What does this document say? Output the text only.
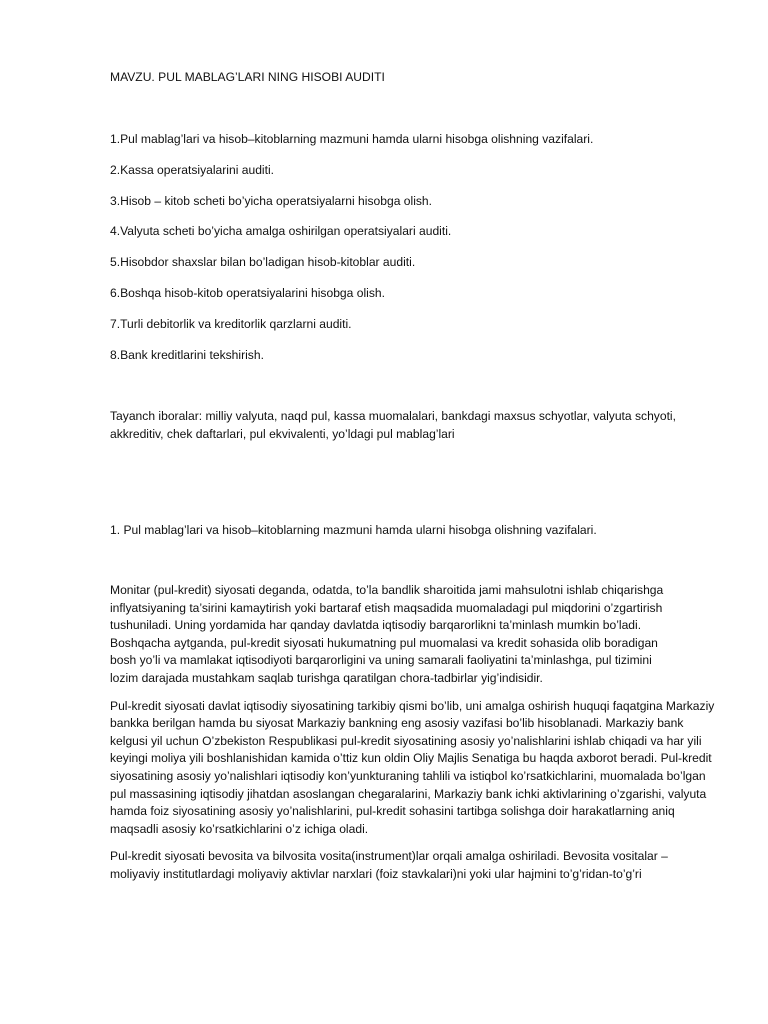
MAVZU. PUL MABLAG’LARI NING HISOBI AUDITI
1.Pul mablag’lari va hisob–kitoblarning mazmuni hamda ularni hisobga olishning vazifalari.
2.Kassa operatsiyalarini auditi.
3.Hisob – kitob scheti bo’yicha operatsiyalarni hisobga olish.
4.Valyuta scheti bo’yicha amalga oshirilgan operatsiyalari auditi.
5.Hisobdor shaxslar bilan bo’ladigan hisob-kitoblar auditi.
6.Boshqa hisob-kitob operatsiyalarini hisobga olish.
7.Turli debitorlik va kreditorlik qarzlarni auditi.
8.Bank kreditlarini tekshirish.
Tayanch iboralar: milliy valyuta, naqd pul, kassa muomalalari, bankdagi maxsus schyotlar, valyuta schyoti, akkreditiv, chek daftarlari, pul ekvivalenti, yo’ldagi pul mablag’lari
1. Pul mablag’lari va hisob–kitoblarning mazmuni hamda ularni hisobga olishning vazifalari.

Monitar (pul-kredit) siyosati deganda, odatda, to’la bandlik sharoitida jami mahsulotni ishlab chiqarishga inflyatsiyaning ta’sirini kamaytirish yoki bartaraf etish maqsadida muomaladagi pul miqdorini o’zgartirish tushuniladi. Uning yordamida har qanday davlatda iqtisodiy barqarorlikni ta’minlash mumkin bo’ladi. Boshqacha aytganda, pul-kredit siyosati hukumatning pul muomalasi va kredit sohasida olib boradigan bosh yo’li va mamlakat iqtisodiyoti barqarorligini va uning samarali faoliyatini ta’minlashga, pul tizimini lozim darajada mustahkam saqlab turishga qaratilgan chora-tadbirlar yig’indisidir.

Pul-kredit siyosati davlat iqtisodiy siyosatining tarkibiy qismi bo’lib, uni amalga oshirish huquqi faqatgina Markaziy bankka berilgan hamda bu siyosat Markaziy bankning eng asosiy vazifasi bo’lib hisoblanadi. Markaziy bank kelgusi yil uchun O’zbekiston Respublikasi pul-kredit siyosatining asosiy yo’nalishlarini ishlab chiqadi va har yili keyingi moliya yili boshlanishidan kamida o’ttiz kun oldin Oliy Majlis Senatiga bu haqda axborot beradi. Pul-kredit siyosatining asosiy yo’nalishlari iqtisodiy kon’yunkturaning tahlili va istiqbol ko’rsatkichlarini, muomalada bo’lgan pul massasining iqtisodiy jihatdan asoslangan chegaralarini, Markaziy bank ichki aktivlarining o’zgarishi, valyuta hamda foiz siyosatining asosiy yo’nalishlarini, pul-kredit sohasini tartibga solishga doir harakatlarning aniq maqsadli asosiy ko’rsatkichlarini o’z ichiga oladi.

Pul-kredit siyosati bevosita va bilvosita vosita(instrument)lar orqali amalga oshiriladi. Bevosita vositalar – moliyaviy institutlardagi moliyaviy aktivlar narxlari (foiz stavkalari)ni yoki ular hajmini to’g’ridan-to’g’ri
